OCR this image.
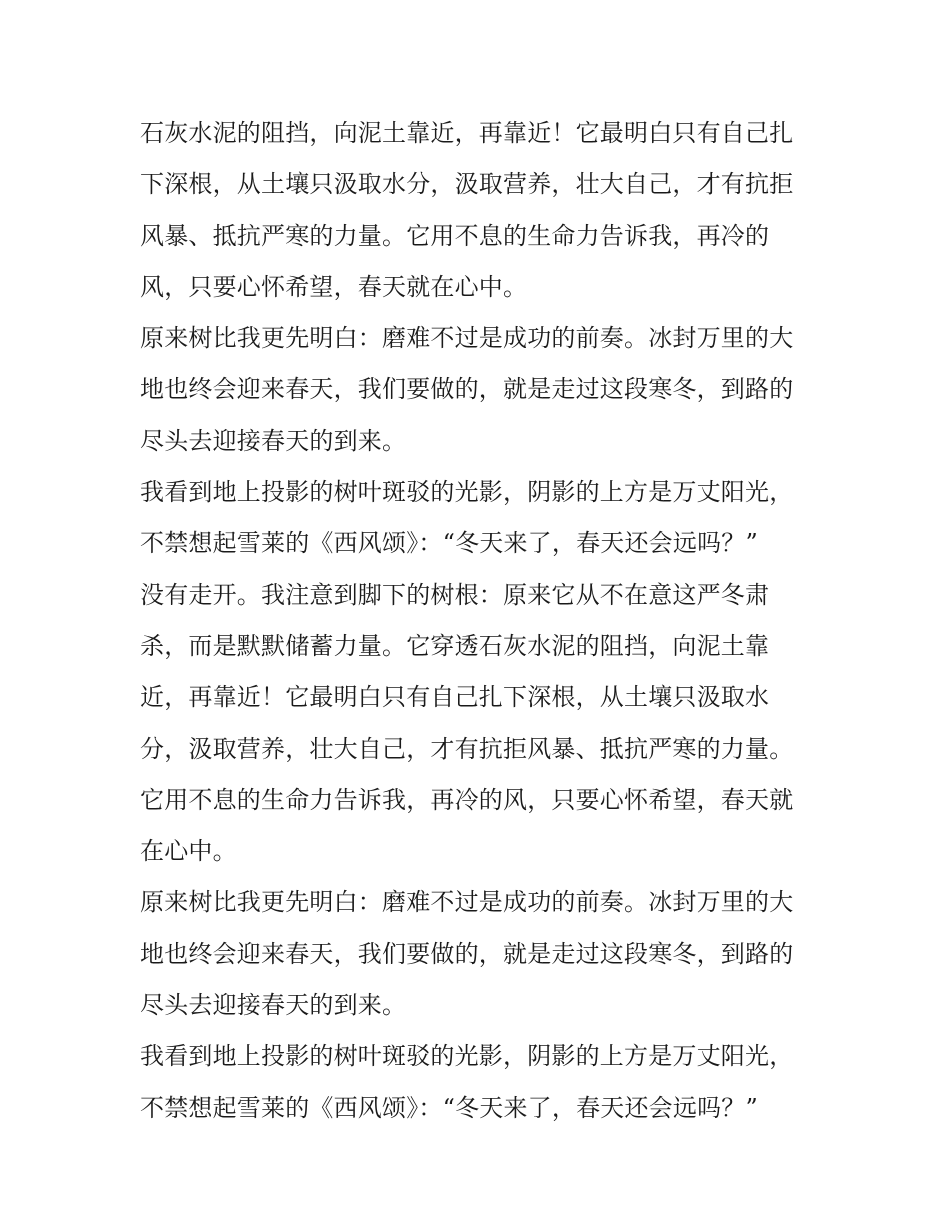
石灰水泥的阻挡，向泥土靠近，再靠近！它最明白只有自己扎
下深根，从土壤只汲取水分，汲取营养，壮大自己，才有抗拒
风暴、抵抗严寒的力量。它用不息的生命力告诉我，再冷的
风，只要心怀希望，春天就在心中。
原来树比我更先明白：磨难不过是成功的前奏。冰封万里的大
地也终会迎来春天，我们要做的，就是走过这段寒冬，到路的
尽头去迎接春天的到来。
我看到地上投影的树叶斑驳的光影，阴影的上方是万丈阳光，
不禁想起雪莱的《西风颂》：“冬天来了，春天还会远吗？”
没有走开。我注意到脚下的树根：原来它从不在意这严冬肃
杀，而是默默储蓄力量。它穿透石灰水泥的阻挡，向泥土靠
近，再靠近！它最明白只有自己扎下深根，从土壤只汲取水
分，汲取营养，壮大自己，才有抗拒风暴、抵抗严寒的力量。
它用不息的生命力告诉我，再冷的风，只要心怀希望，春天就
在心中。
原来树比我更先明白：磨难不过是成功的前奏。冰封万里的大
地也终会迎来春天，我们要做的，就是走过这段寒冬，到路的
尽头去迎接春天的到来。
我看到地上投影的树叶斑驳的光影，阴影的上方是万丈阳光，
不禁想起雪莱的《西风颂》：“冬天来了，春天还会远吗？”
